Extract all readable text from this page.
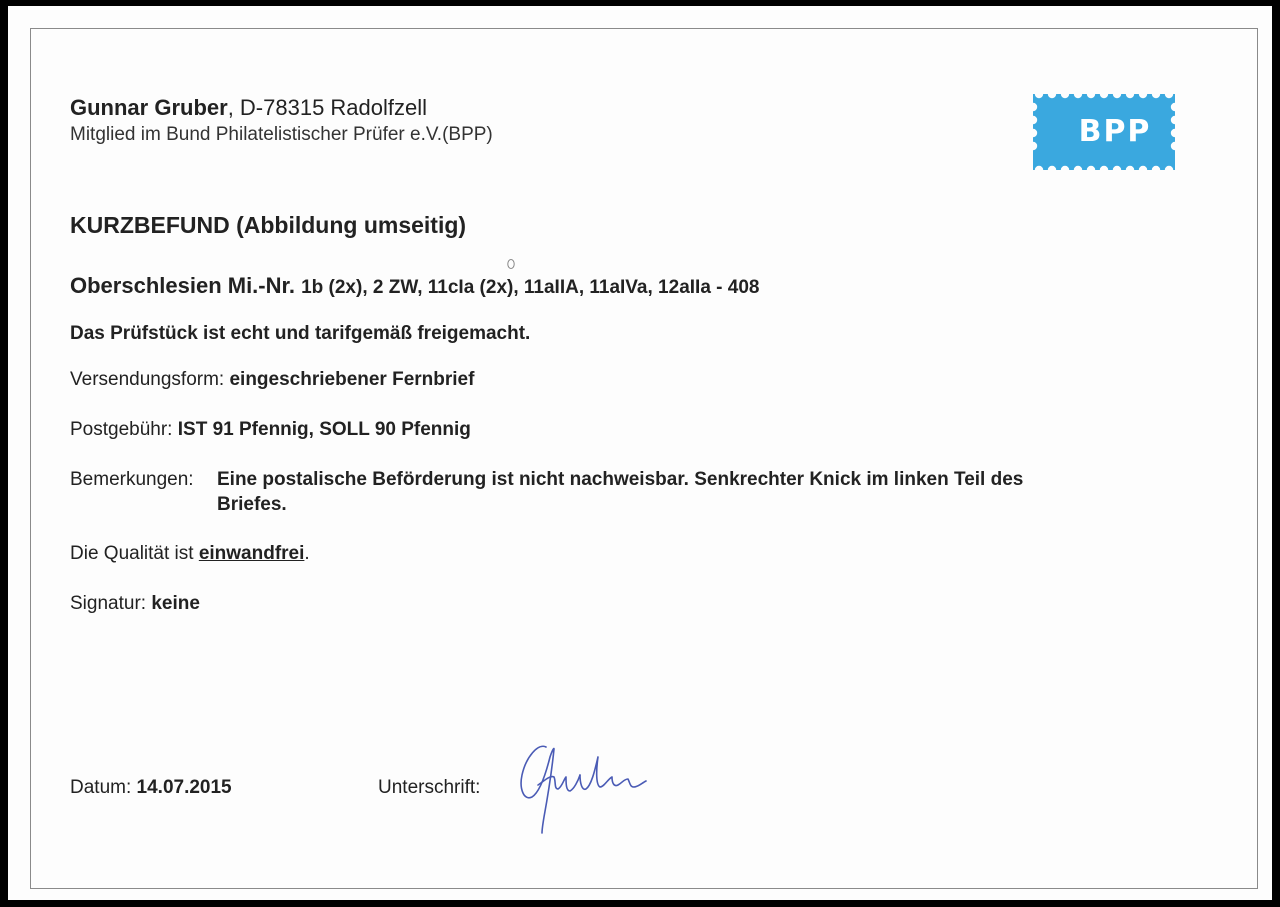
Gunnar Gruber, D-78315 Radolfzell
Mitglied im Bund Philatelistischer Prüfer e.V.(BPP)	BPP
KURZBEFUND (Abbildung umseitig)
Oberschlesien Mi.-Nr. 1b (2x), 2 ZW, 11cIa (2x), 11aIIA, 11aIVa, 12aIIa - 408
Das Prüfstück ist echt und tarifgemäß freigemacht.
Versendungsform: eingeschriebener Fernbrief
Postgebühr: IST 91 Pfennig, SOLL 90 Pfennig
Bemerkungen: Eine postalische Beförderung ist nicht nachweisbar. Senkrechter Knick im linken Teil des
Briefes.
Die Qualität ist einwandfrei.
Signatur: keine
Datum: 14.07.2015	Unterschrift:
